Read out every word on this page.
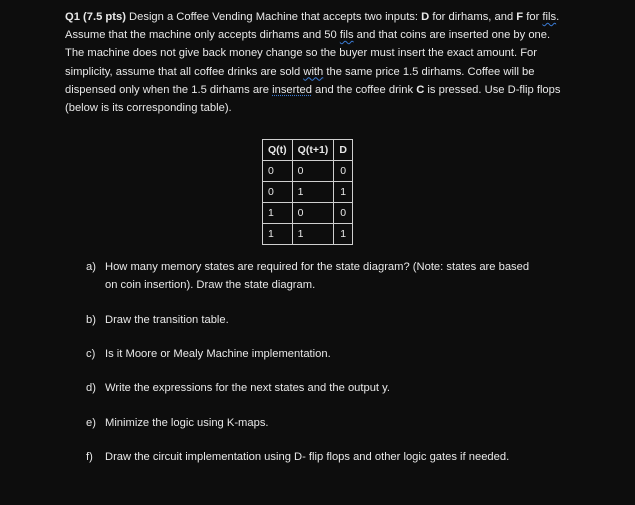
Q1 (7.5 pts) Design a Coffee Vending Machine that accepts two inputs: D for dirhams, and F for fils. Assume that the machine only accepts dirhams and 50 fils and that coins are inserted one by one. The machine does not give back money change so the buyer must insert the exact amount. For simplicity, assume that all coffee drinks are sold with the same price 1.5 dirhams. Coffee will be dispensed only when the 1.5 dirhams are inserted and the coffee drink C is pressed. Use D-flip flops (below is its corresponding table).

Q(t)	Q(t+1)	D
0	0	0
0	1	1
1	0	0
1	1	1
a) How many memory states are required for the state diagram? (Note: states are based
on coin insertion). Draw the state diagram.
b) Draw the transition table.
c) Is it Moore or Mealy Machine implementation.
d) Write the expressions for the next states and the output y.
e) Minimize the logic using K-maps.
f) Draw the circuit implementation using D- flip flops and other logic gates if needed.
